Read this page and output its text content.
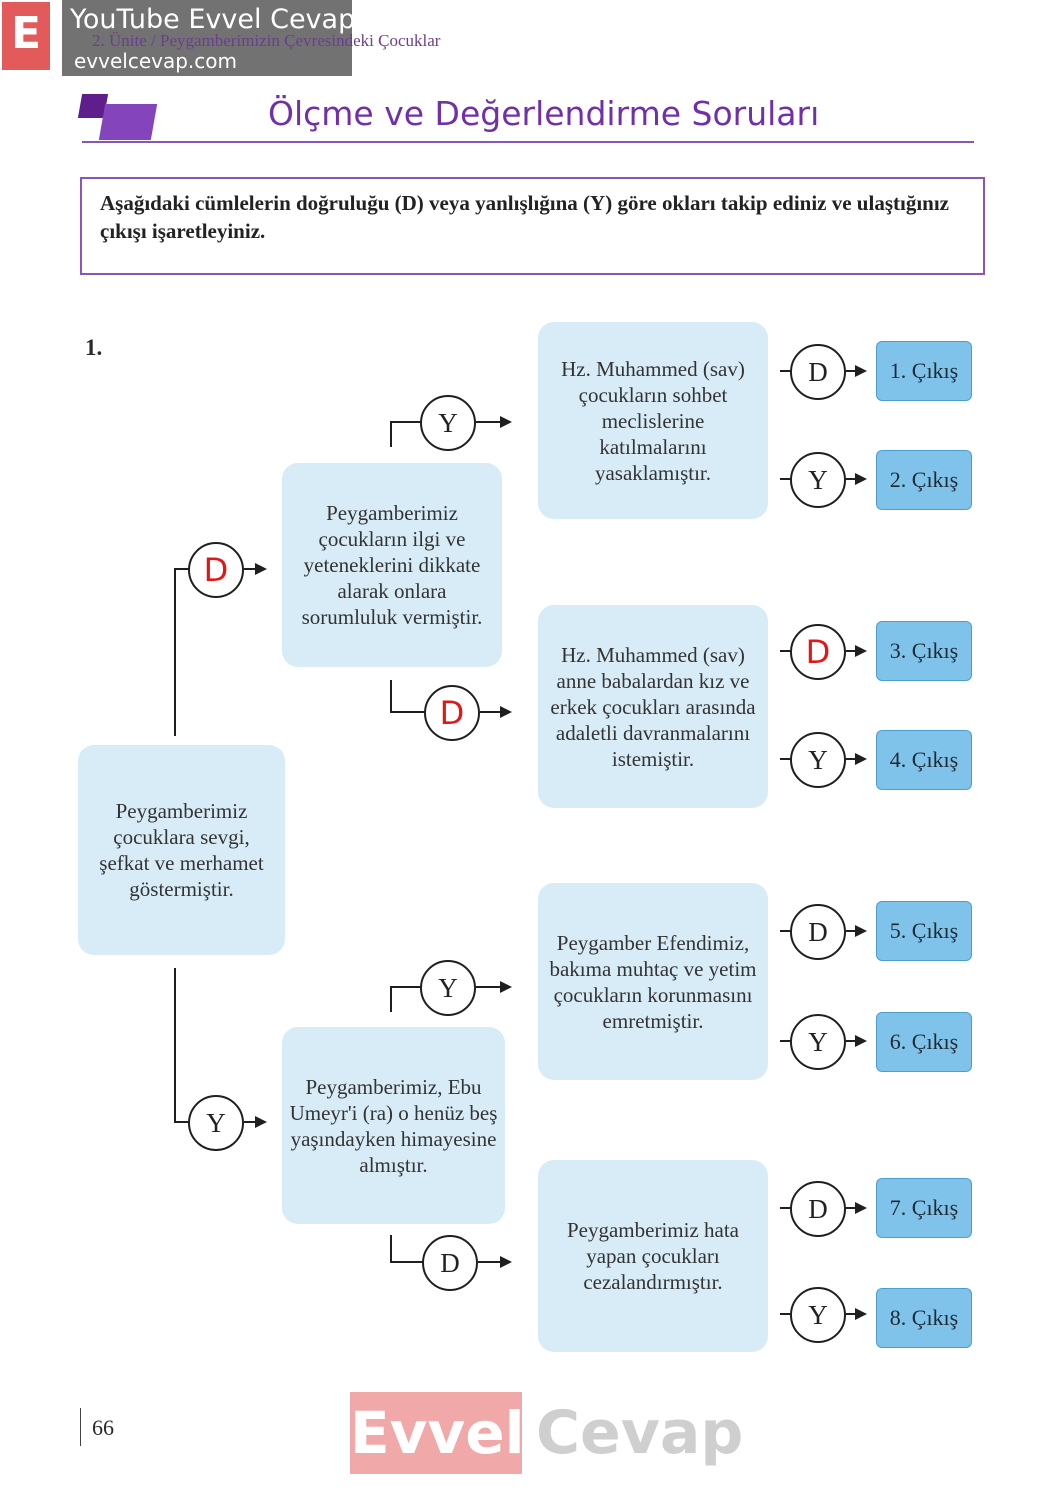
E	2. Ünite / Peygamberimizin Çevresindeki Çocuklar
YouTube Evvel Cevap
evvelcevap.com
Ölçme ve Değerlendirme Soruları
Aşağıdaki cümlelerin doğruluğu (D) veya yanlışlığına (Y) göre okları takip ediniz ve ulaştığınız çıkışı işaretleyiniz.
1.
Peygamberimiz çocuklara sevgi, şefkat ve merhamet göstermiştir.
D
Y
Peygamberimiz çocukların ilgi ve yeteneklerini dikkate alarak onlara sorumluluk vermiştir.
Peygamberimiz, Ebu Umeyr'i (ra) o henüz beş yaşındayken himayesine almıştır.
Y
D
Y
D
Hz. Muhammed (sav) çocukların sohbet meclislerine katılmalarını yasaklamıştır.
Hz. Muhammed (sav) anne babalardan kız ve erkek çocukları arasında adaletli davranmalarını istemiştir.
Peygamber Efendimiz, bakıma muhtaç ve yetim çocukların korunmasını emretmiştir.
Peygamberimiz hata yapan çocukları cezalandırmıştır.
D	1. Çıkış
Y	2. Çıkış
D	3. Çıkış
Y	4. Çıkış
D	5. Çıkış
Y	6. Çıkış
D	7. Çıkış
Y	8. Çıkış
66	Evvel Cevap
